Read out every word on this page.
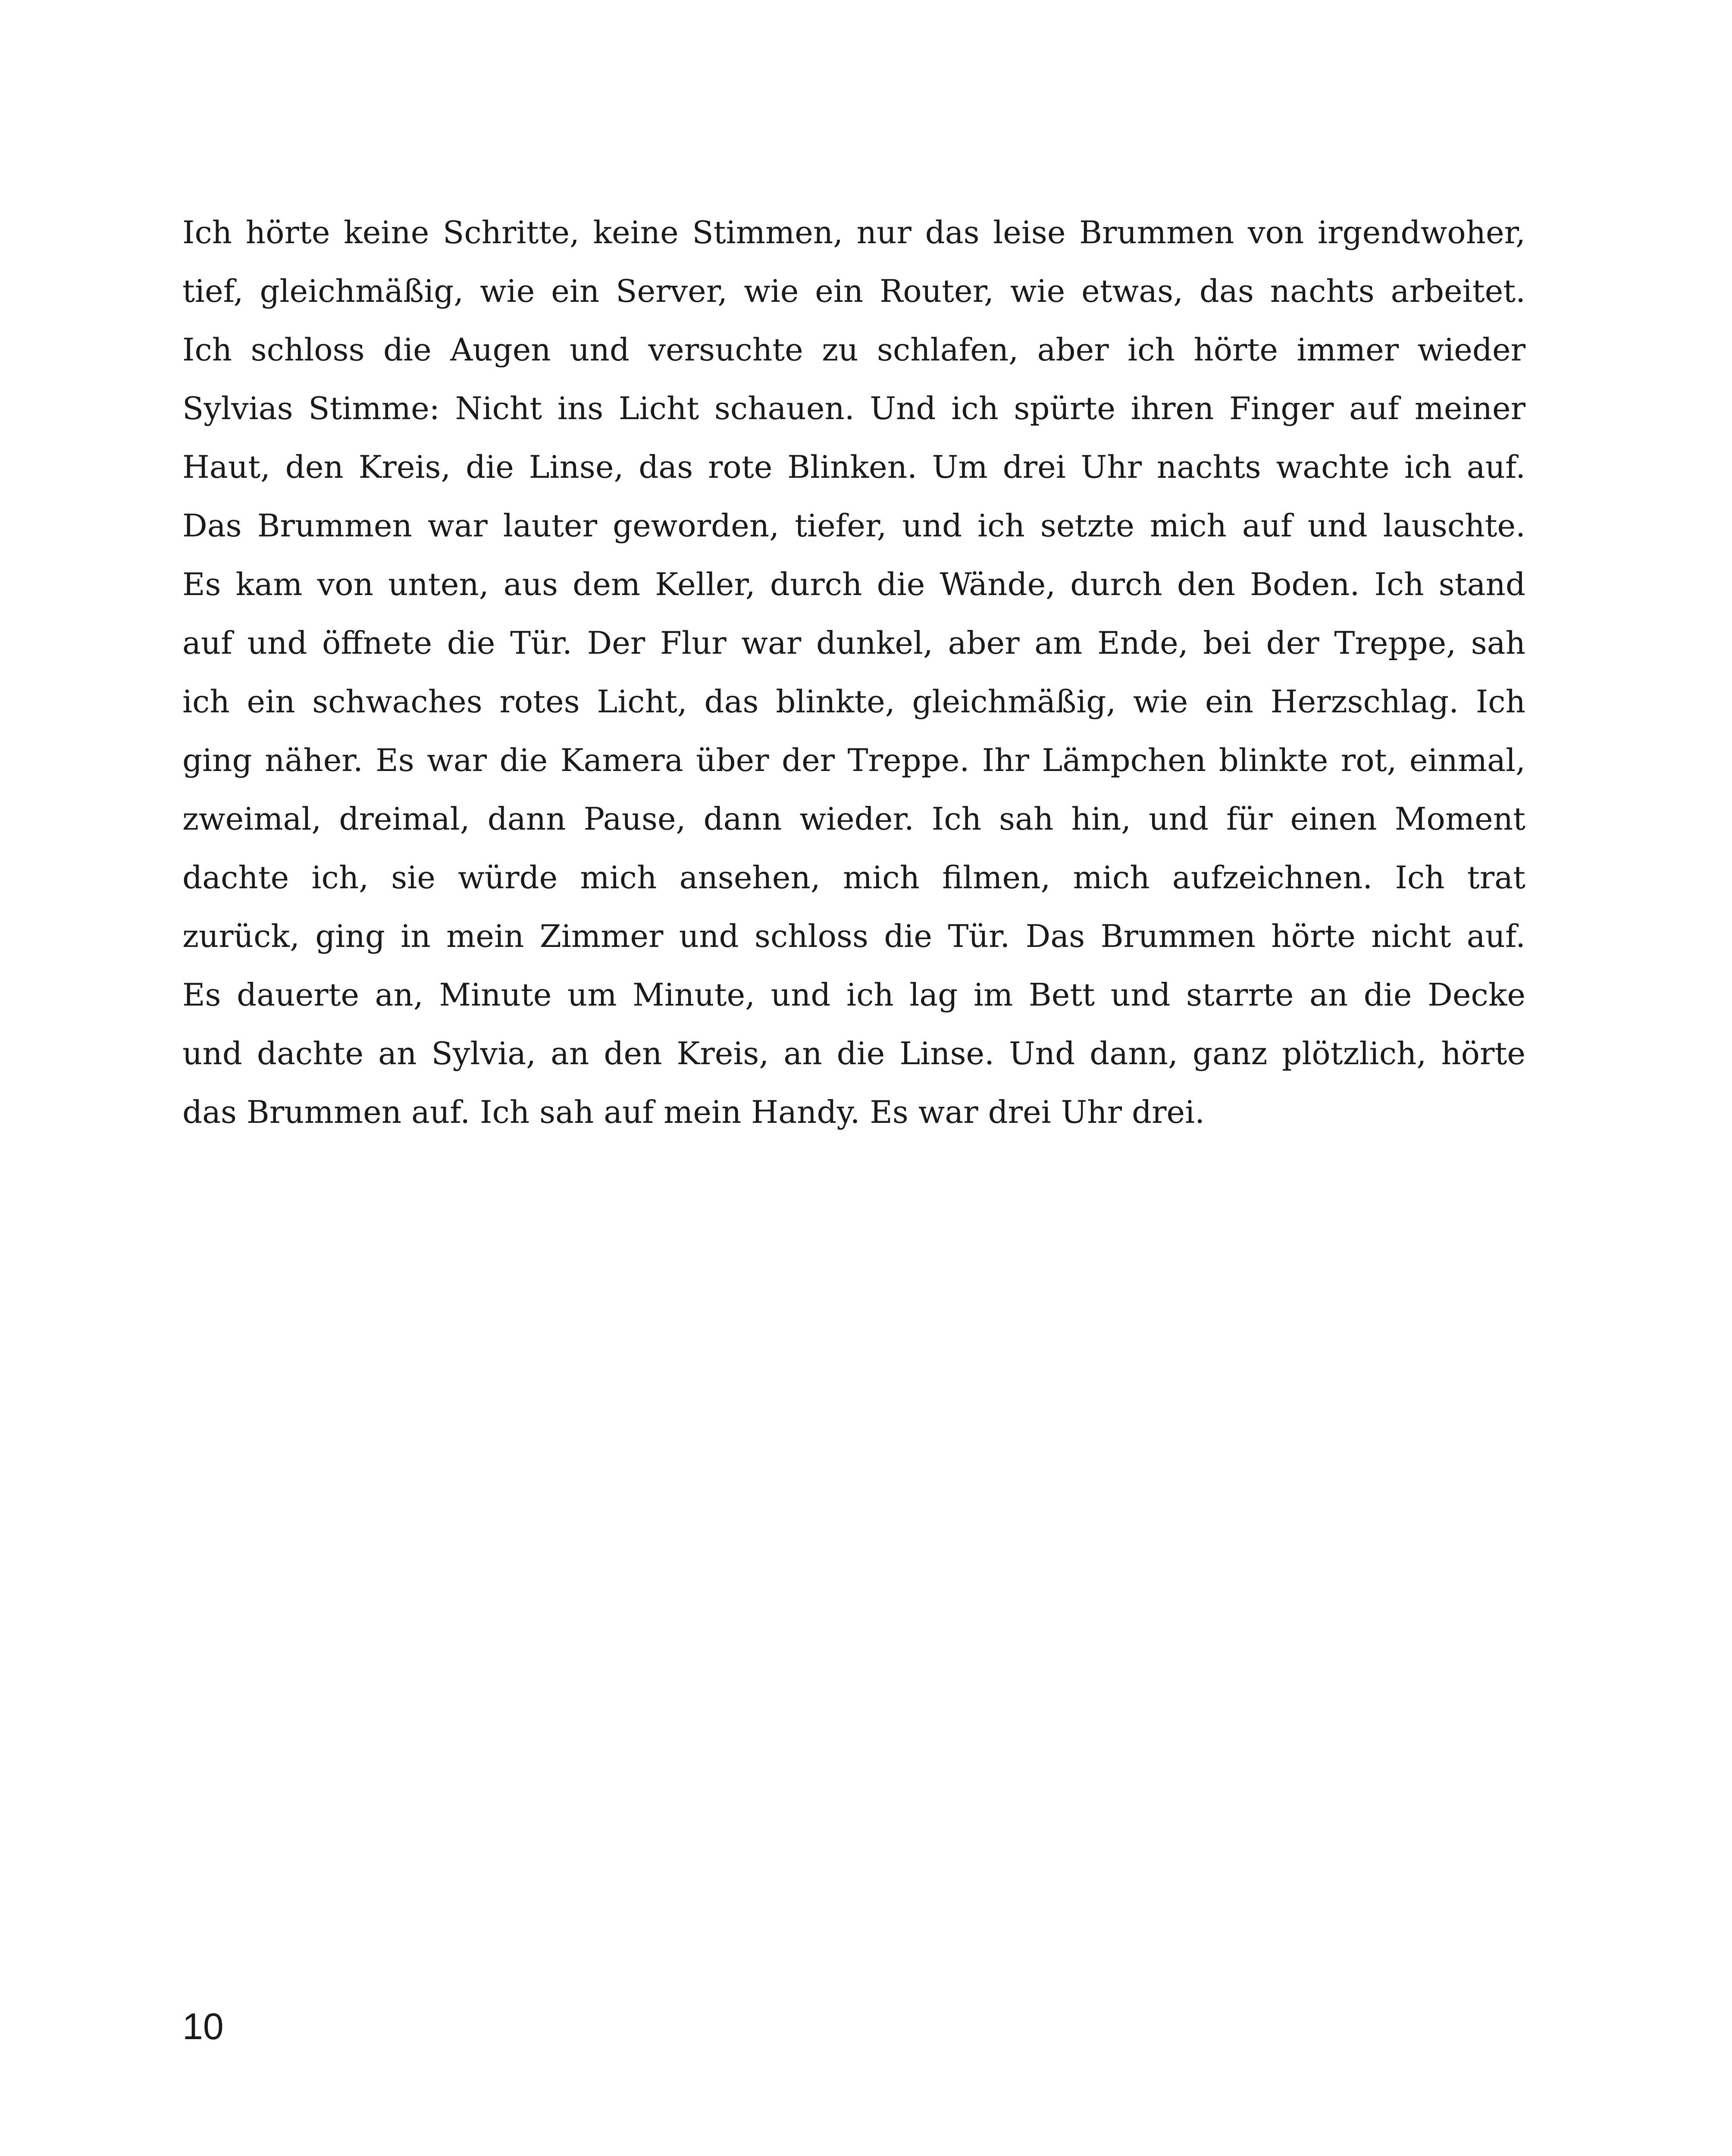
Ich hörte keine Schritte, keine Stimmen, nur das leise Brummen von irgendwoher,
tief, gleichmäßig, wie ein Server, wie ein Router, wie etwas, das nachts arbeitet.
Ich schloss die Augen und versuchte zu schlafen, aber ich hörte immer wieder
Sylvias Stimme: Nicht ins Licht schauen. Und ich spürte ihren Finger auf meiner
Haut, den Kreis, die Linse, das rote Blinken. Um drei Uhr nachts wachte ich auf.
Das Brummen war lauter geworden, tiefer, und ich setzte mich auf und lauschte.
Es kam von unten, aus dem Keller, durch die Wände, durch den Boden. Ich stand
auf und öffnete die Tür. Der Flur war dunkel, aber am Ende, bei der Treppe, sah
ich ein schwaches rotes Licht, das blinkte, gleichmäßig, wie ein Herzschlag. Ich
ging näher. Es war die Kamera über der Treppe. Ihr Lämpchen blinkte rot, einmal,
zweimal, dreimal, dann Pause, dann wieder. Ich sah hin, und für einen Moment
dachte ich, sie würde mich ansehen, mich filmen, mich aufzeichnen. Ich trat
zurück, ging in mein Zimmer und schloss die Tür. Das Brummen hörte nicht auf.
Es dauerte an, Minute um Minute, und ich lag im Bett und starrte an die Decke
und dachte an Sylvia, an den Kreis, an die Linse. Und dann, ganz plötzlich, hörte
das Brummen auf. Ich sah auf mein Handy. Es war drei Uhr drei.
10
